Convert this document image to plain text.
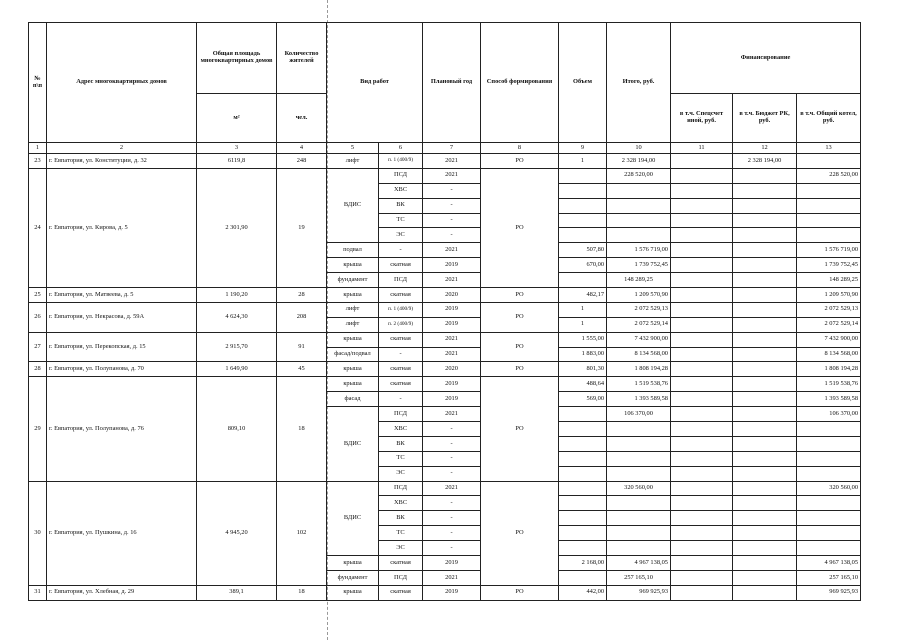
№ п\п	Адрес многоквартирных домов	Общая площадь многоквартирных домов	Количество жителей	Вид работ		Плановый год	Способ формирования	Объем	Итого, руб.	Финансирование		
		м²	чел.							в т.ч. Спецсчет иной, руб.	в т.ч. Бюджет РК, руб.	в т.ч. Общий котел, руб.
1	2	3	4	5	6	7	8	9	10	11	12	13
23	г. Евпатория, ул. Конституции, д. 32	6119,8	248	лифт	п. 1 (400/9)	2021	РО	1	2 328 194,00		2 328 194,00	
24	г. Евпатория, ул. Кирова, д. 5	2 301,90	19	ВДИС	ПСД	2021	РО		228 520,00			228 520,00
					ХВС	-						
					ВК	-						
					ТС	-						
					ЭС	-						
				подвал	-	2021		507,80	1 576 719,00			1 576 719,00
				крыша	скатная	2019		670,00	1 739 752,45			1 739 752,45
				фундамент	ПСД	2021			148 289,25			148 289,25
25	г. Евпатория, ул. Матвеева, д. 5	1 190,20	28	крыша	скатная	2020	РО	482,17	1 209 570,90			1 209 570,90
26	г. Евпатория, ул. Некрасова, д. 59А	4 624,30	208	лифт	п. 1 (400/9)	2019	РО	1	2 072 529,13			2 072 529,13
				лифт	п. 2 (400/9)	2019		1	2 072 529,14			2 072 529,14
27	г. Евпатория, ул. Перекопская, д. 15	2 915,70	91	крыша	скатная	2021	РО	1 555,00	7 432 900,00			7 432 900,00
				фасад/подвал	-	2021		1 883,00	8 134 568,00			8 134 568,00
28	г. Евпатория, ул. Полупанова, д. 70	1 649,90	45	крыша	скатная	2020	РО	801,30	1 808 194,28			1 808 194,28
29	г. Евпатория, ул. Полупанова, д. 76	809,10	18	крыша	скатная	2019	РО	488,64	1 519 538,76			1 519 538,76
				фасад	-	2019		569,00	1 393 589,58			1 393 589,58
				ВДИС	ПСД	2021			106 370,00			106 370,00
					ХВС	-						
					ВК	-						
					ТС	-						
					ЭС	-						
30	г. Евпатория, ул. Пушкина, д. 16	4 945,20	102	ВДИС	ПСД	2021	РО		320 560,00			320 560,00
					ХВС	-						
					ВК	-						
					ТС	-						
					ЭС	-						
				крыша	скатная	2019		2 168,00	4 967 138,05			4 967 138,05
				фундамент	ПСД	2021			257 165,10			257 165,10
31	г. Евпатория, ул. Хлебная, д. 29	389,1	18	крыша	скатная	2019	РО	442,00	969 925,93			969 925,93
